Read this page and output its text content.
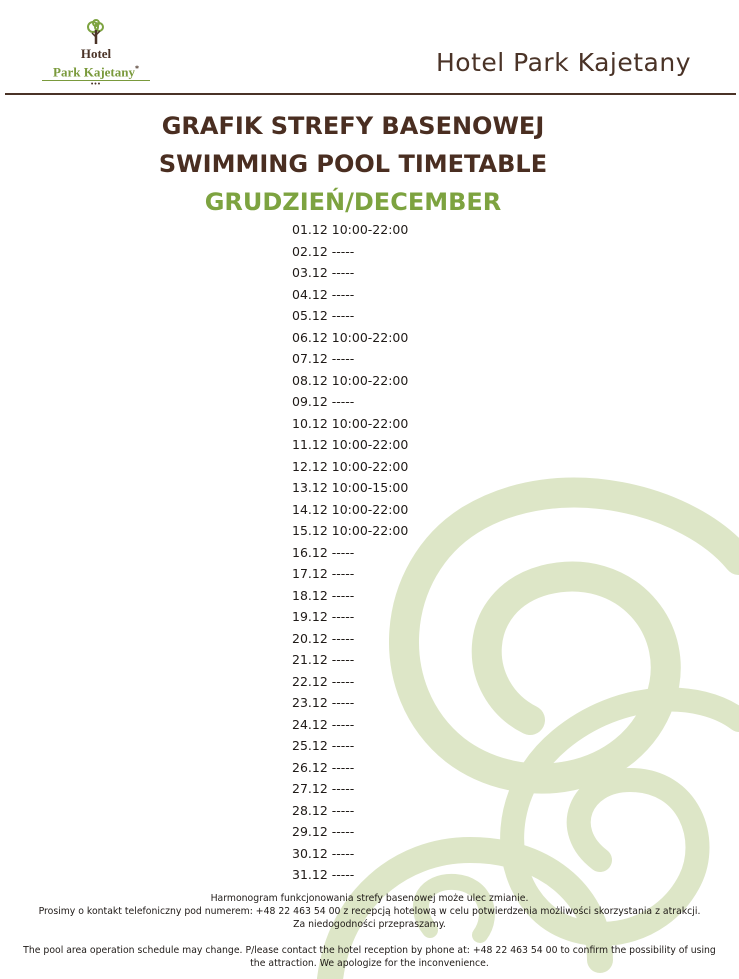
Hotel
Park Kajetany*
•••
Hotel Park Kajetany
GRAFIK STREFY BASENOWEJ
SWIMMING POOL TIMETABLE
GRUDZIEŃ/DECEMBER
01.12 10:00-22:00
02.12 -----
03.12 -----
04.12 -----
05.12 -----
06.12 10:00-22:00
07.12 -----
08.12 10:00-22:00
09.12 -----
10.12 10:00-22:00
11.12 10:00-22:00
12.12 10:00-22:00
13.12 10:00-15:00
14.12 10:00-22:00
15.12 10:00-22:00
16.12 -----
17.12 -----
18.12 -----
19.12 -----
20.12 -----
21.12 -----
22.12 -----
23.12 -----
24.12 -----
25.12 -----
26.12 -----
27.12 -----
28.12 -----
29.12 -----
30.12 -----
31.12 -----

Harmonogram funkcjonowania strefy basenowej może ulec zmianie.

Prosimy o kontakt telefoniczny pod numerem: +48 22 463 54 00 z recepcją hotelową w celu potwierdzenia możliwości skorzystania z atrakcji.

Za niedogodności przepraszamy.

The pool area operation schedule may change. P/lease contact the hotel reception by phone at: +48 22 463 54 00 to confirm the possibility of using the attraction. We apologize for the inconvenience.
